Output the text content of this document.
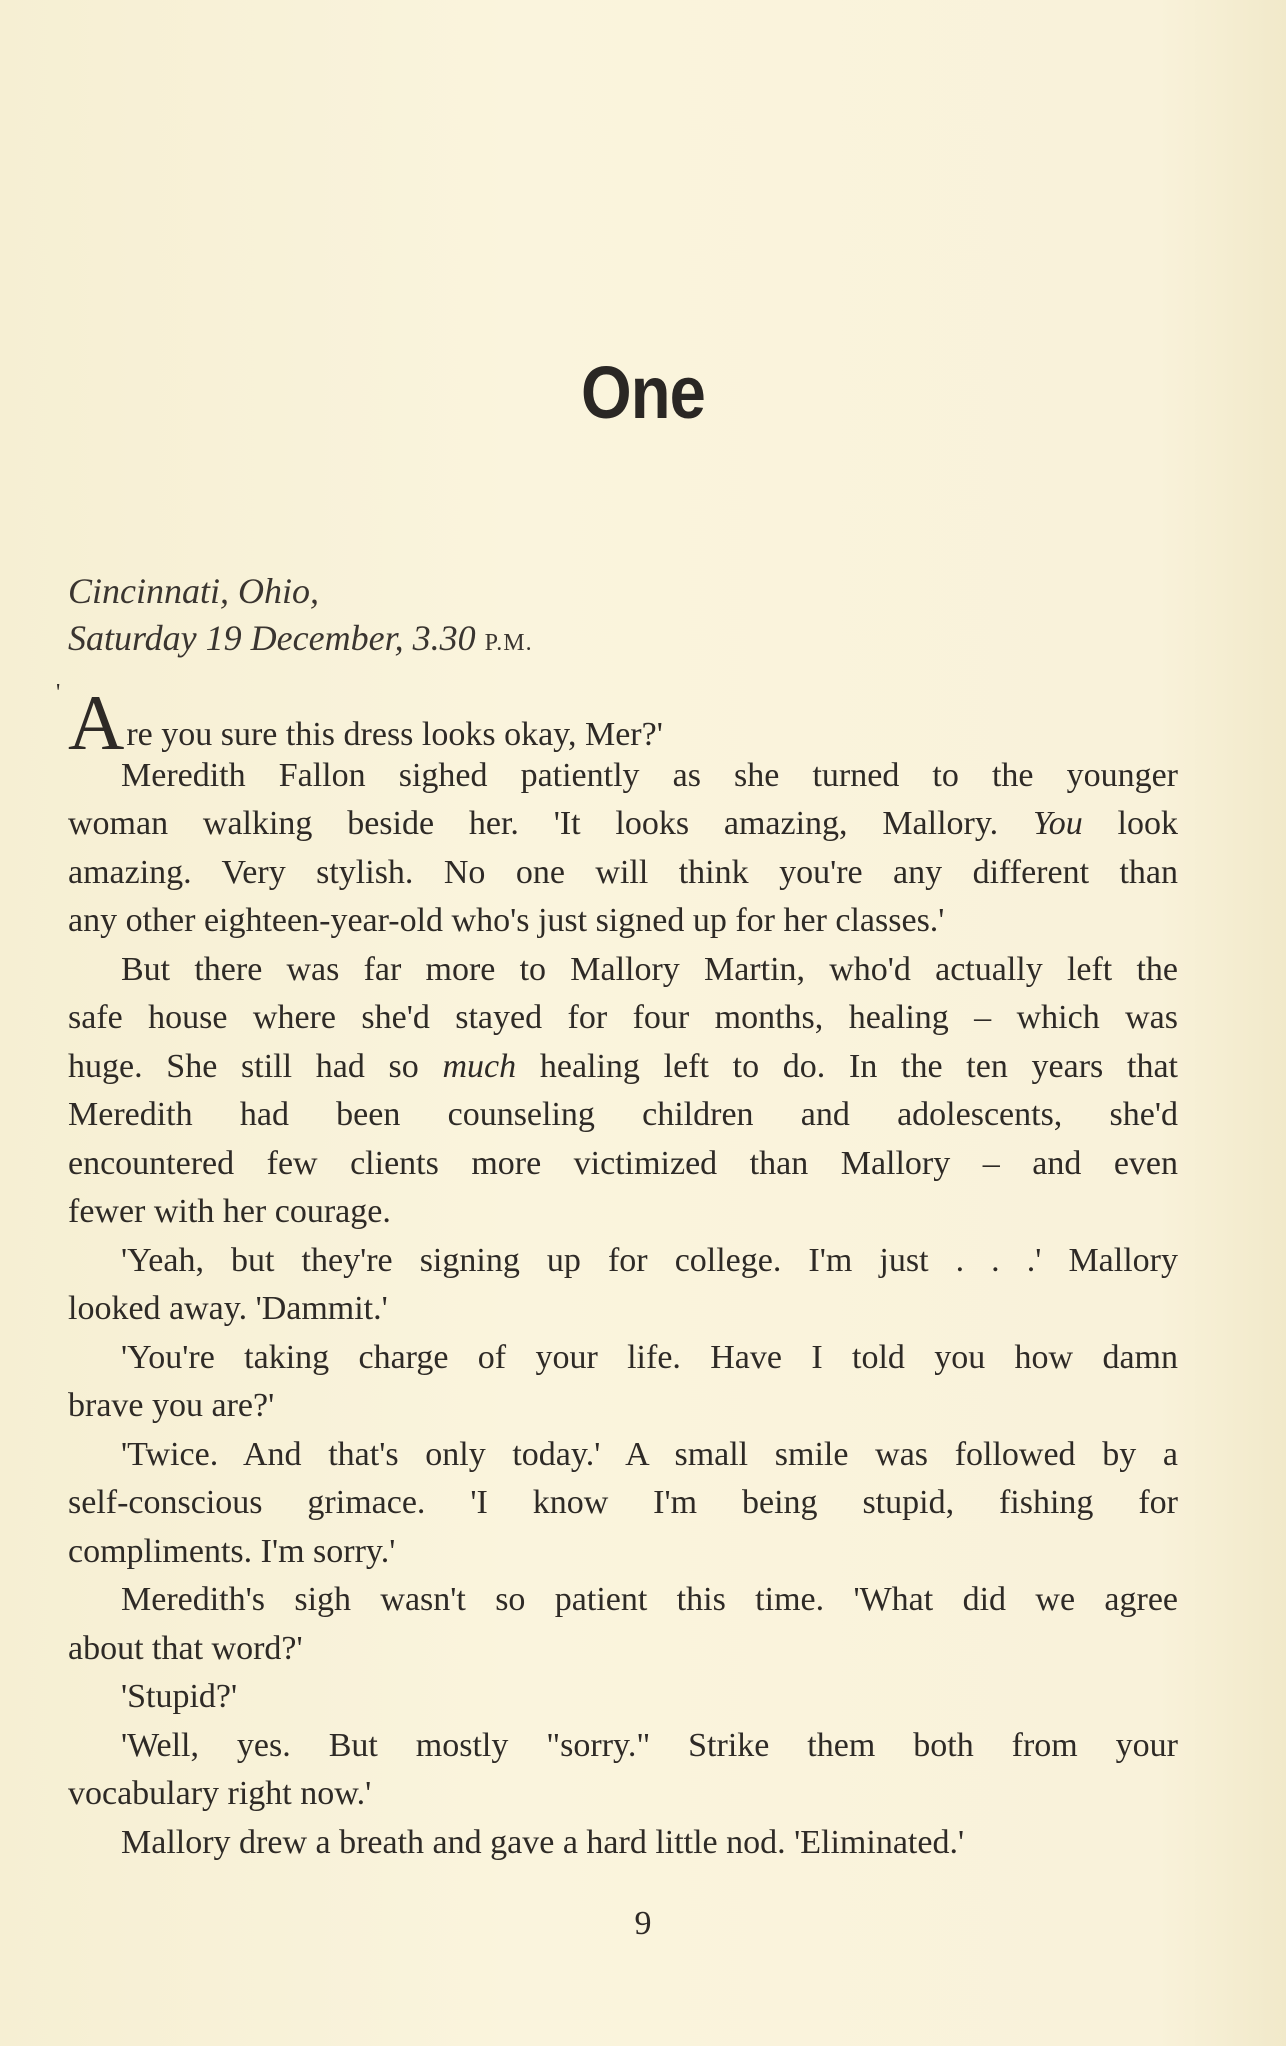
One
Cincinnati, Ohio,
Saturday 19 December, 3.30 P.M.
' Are you sure this dress looks okay, Mer?'
Meredith Fallon sighed patiently as she turned to the younger
woman walking beside her. 'It looks amazing, Mallory. You look
amazing. Very stylish. No one will think you're any different than
any other eighteen-year-old who's just signed up for her classes.'
But there was far more to Mallory Martin, who'd actually left the
safe house where she'd stayed for four months, healing – which was
huge. She still had so much healing left to do. In the ten years that
Meredith had been counseling children and adolescents, she'd
encountered few clients more victimized than Mallory – and even
fewer with her courage.
'Yeah, but they're signing up for college. I'm just . . .' Mallory
looked away. 'Dammit.'
'You're taking charge of your life. Have I told you how damn
brave you are?'
'Twice. And that's only today.' A small smile was followed by a
self-conscious grimace. 'I know I'm being stupid, fishing for
compliments. I'm sorry.'
Meredith's sigh wasn't so patient this time. 'What did we agree
about that word?'
'Stupid?'
'Well, yes. But mostly "sorry." Strike them both from your
vocabulary right now.'
Mallory drew a breath and gave a hard little nod. 'Eliminated.'
9
